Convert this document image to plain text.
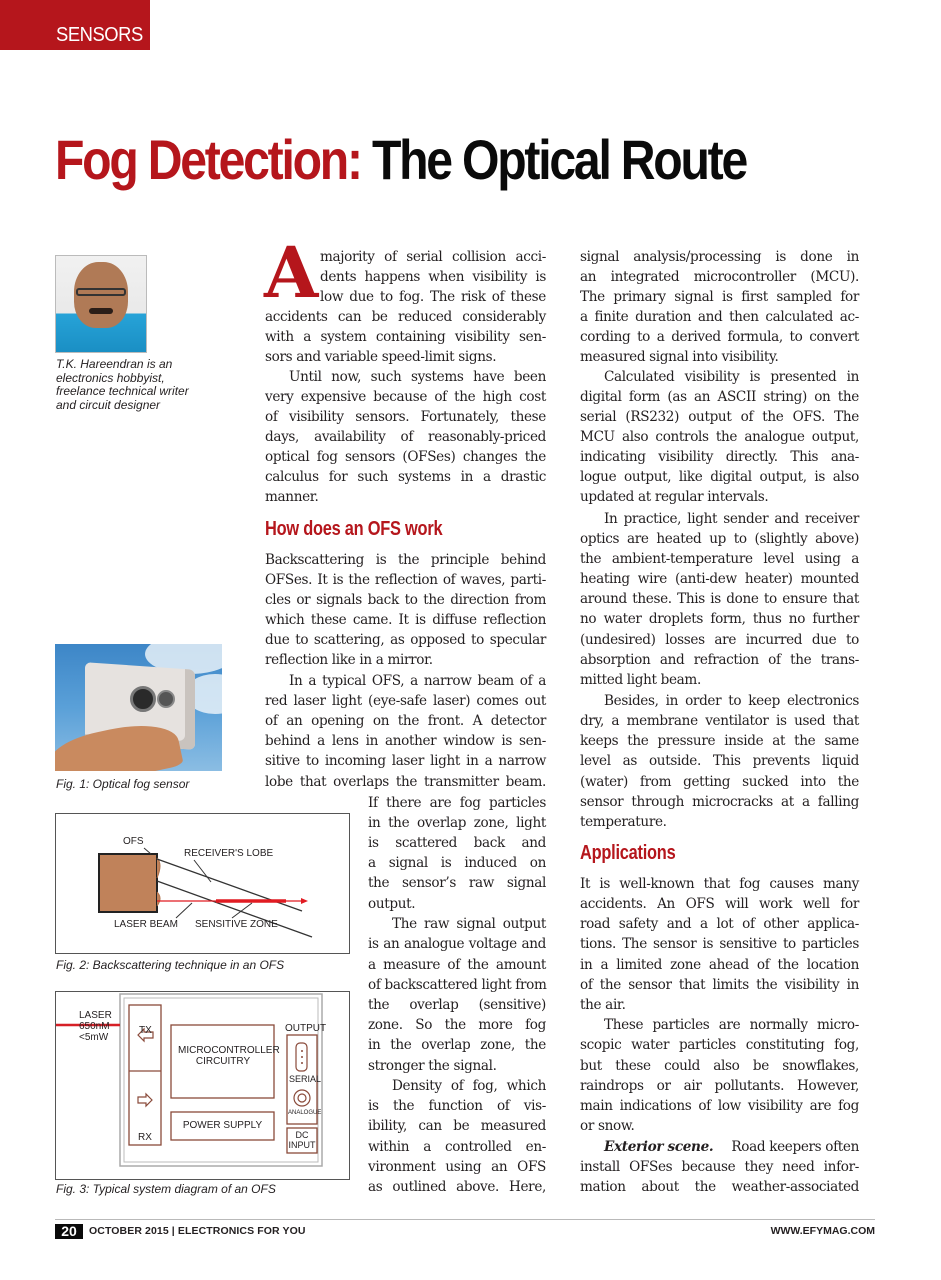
SENSORS
Fog Detection: The Optical Route
T.K. Hareendran is an
electronics hobbyist,
freelance technical writer
and circuit designer
Fig. 1: Optical fog sensor
OFS
RECEIVER'S LOBE
LASER BEAM SENSITIVE ZONE
Fig. 2: Backscattering technique in an OFS
LASER
650nM
<5mW
TX
RX
MICROCONTROLLER
CIRCUITRY
POWER SUPPLY
OUTPUT
SERIAL
ANALOGUE
DC
INPUT
Fig. 3: Typical system diagram of an OFS
A majority of serial collision acci-
dents happens when visibility is
low due to fog. The risk of these
accidents can be reduced considerably
with a system containing visibility sen-
sors and variable speed-limit signs.
Until now, such systems have been
very expensive because of the high cost
of visibility sensors. Fortunately, these
days, availability of reasonably-priced
optical fog sensors (OFSes) changes the
calculus for such systems in a drastic
manner.
How does an OFS work
Backscattering is the principle behind
OFSes. It is the reflection of waves, parti-
cles or signals back to the direction from
which these came. It is diffuse reflection
due to scattering, as opposed to specular
reflection like in a mirror.
In a typical OFS, a narrow beam of a
red laser light (eye-safe laser) comes out
of an opening on the front. A detector
behind a lens in another window is sen-
sitive to incoming laser light in a narrow
lobe that overlaps the transmitter beam.
If there are fog particles
in the overlap zone, light
is scattered back and
a signal is induced on
the sensor’s raw signal
output.
The raw signal output
is an analogue voltage and
a measure of the amount
of backscattered light from
the overlap (sensitive)
zone. So the more fog
in the overlap zone, the
stronger the signal.
Density of fog, which
is the function of vis-
ibility, can be measured
within a controlled en-
vironment using an OFS
as outlined above. Here,
signal analysis/processing is done in
an integrated microcontroller (MCU).
The primary signal is first sampled for
a finite duration and then calculated ac-
cording to a derived formula, to convert
measured signal into visibility.
Calculated visibility is presented in
digital form (as an ASCII string) on the
serial (RS232) output of the OFS. The
MCU also controls the analogue output,
indicating visibility directly. This ana-
logue output, like digital output, is also
updated at regular intervals.
In practice, light sender and receiver
optics are heated up to (slightly above)
the ambient-temperature level using a
heating wire (anti-dew heater) mounted
around these. This is done to ensure that
no water droplets form, thus no further
(undesired) losses are incurred due to
absorption and refraction of the trans-
mitted light beam.
Besides, in order to keep electronics
dry, a membrane ventilator is used that
keeps the pressure inside at the same
level as outside. This prevents liquid
(water) from getting sucked into the
sensor through microcracks at a falling
temperature.
Applications
It is well-known that fog causes many
accidents. An OFS will work well for
road safety and a lot of other applica-
tions. The sensor is sensitive to particles
in a limited zone ahead of the location
of the sensor that limits the visibility in
the air.
These particles are normally micro-
scopic water particles constituting fog,
but these could also be snowflakes,
raindrops or air pollutants. However,
main indications of low visibility are fog
or snow.
Exterior scene. Road keepers often
install OFSes because they need infor-
mation about the weather-associated
20	OCTOBER 2015 | ELECTRONICS FOR YOU	WWW.EFYMAG.COM
